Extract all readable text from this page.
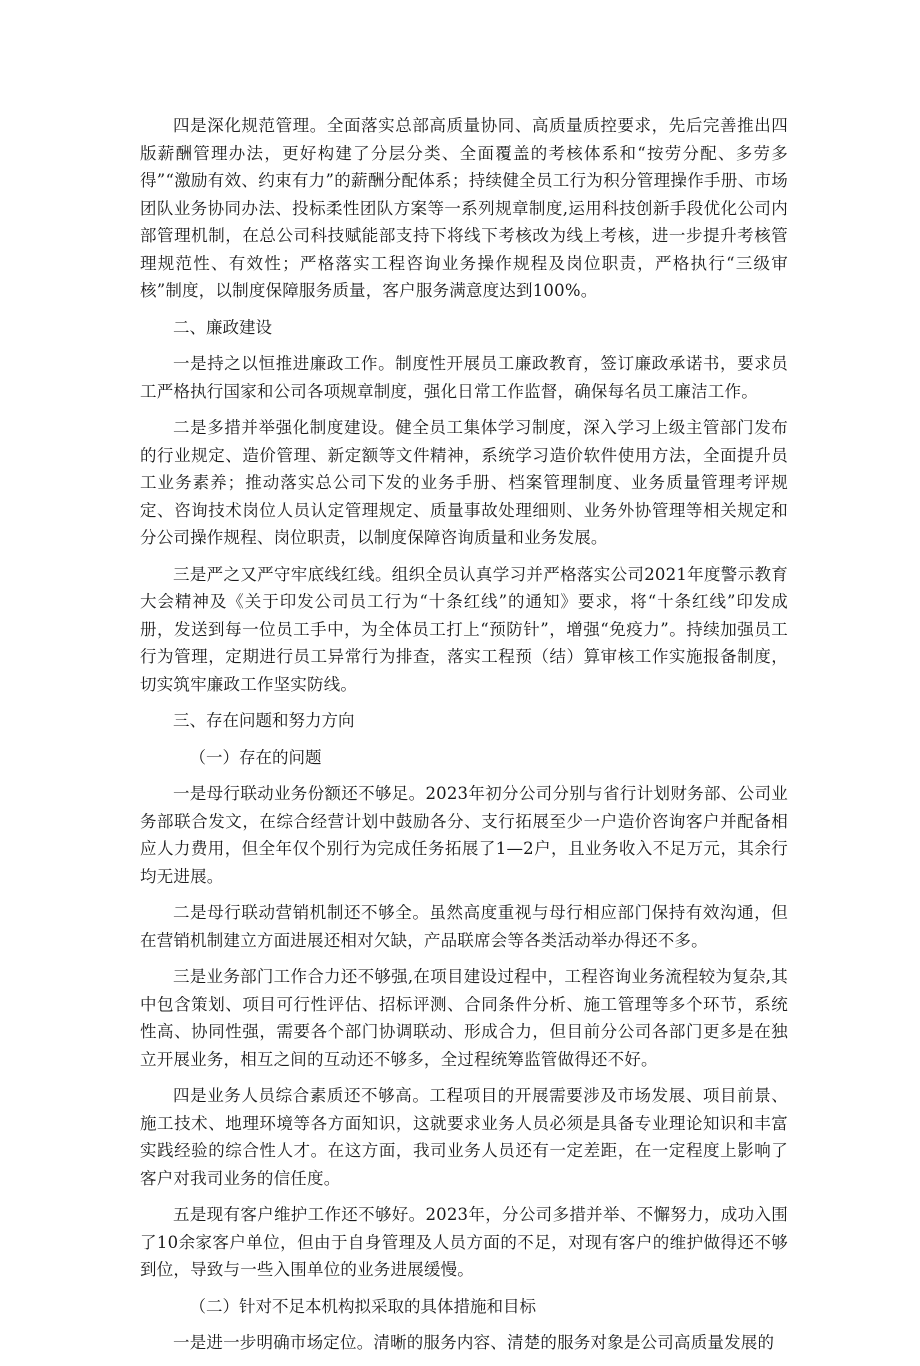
四是深化规范管理。全面落实总部高质量协同、高质量质控要求，先后完善推出四版薪酬管理办法，更好构建了分层分类、全面覆盖的考核体系和“按劳分配、多劳多得”“激励有效、约束有力”的薪酬分配体系；持续健全员工行为积分管理操作手册、市场团队业务协同办法、投标柔性团队方案等一系列规章制度,运用科技创新手段优化公司内部管理机制，在总公司科技赋能部支持下将线下考核改为线上考核，进一步提升考核管理规范性、有效性；严格落实工程咨询业务操作规程及岗位职责，严格执行“三级审核”制度，以制度保障服务质量，客户服务满意度达到100%。

二、廉政建设

一是持之以恒推进廉政工作。制度性开展员工廉政教育，签订廉政承诺书，要求员工严格执行国家和公司各项规章制度，强化日常工作监督，确保每名员工廉洁工作。

二是多措并举强化制度建设。健全员工集体学习制度，深入学习上级主管部门发布的行业规定、造价管理、新定额等文件精神，系统学习造价软件使用方法，全面提升员工业务素养；推动落实总公司下发的业务手册、档案管理制度、业务质量管理考评规定、咨询技术岗位人员认定管理规定、质量事故处理细则、业务外协管理等相关规定和分公司操作规程、岗位职责，以制度保障咨询质量和业务发展。

三是严之又严守牢底线红线。组织全员认真学习并严格落实公司2021年度警示教育大会精神及《关于印发公司员工行为“十条红线”的通知》要求，将“十条红线”印发成册，发送到每一位员工手中，为全体员工打上“预防针”，增强“免疫力”。持续加强员工行为管理，定期进行员工异常行为排查，落实工程预（结）算审核工作实施报备制度，切实筑牢廉政工作坚实防线。

三、存在问题和努力方向

（一）存在的问题

一是母行联动业务份额还不够足。2023年初分公司分别与省行计划财务部、公司业务部联合发文，在综合经营计划中鼓励各分、支行拓展至少一户造价咨询客户并配备相应人力费用，但全年仅个别行为完成任务拓展了1—2户，且业务收入不足万元，其余行均无进展。

二是母行联动营销机制还不够全。虽然高度重视与母行相应部门保持有效沟通，但在营销机制建立方面进展还相对欠缺，产品联席会等各类活动举办得还不多。

三是业务部门工作合力还不够强,在项目建设过程中，工程咨询业务流程较为复杂,其中包含策划、项目可行性评估、招标评测、合同条件分析、施工管理等多个环节，系统性高、协同性强，需要各个部门协调联动、形成合力，但目前分公司各部门更多是在独立开展业务，相互之间的互动还不够多，全过程统筹监管做得还不好。

四是业务人员综合素质还不够高。工程项目的开展需要涉及市场发展、项目前景、施工技术、地理环境等各方面知识，这就要求业务人员必须是具备专业理论知识和丰富实践经验的综合性人才。在这方面，我司业务人员还有一定差距，在一定程度上影响了客户对我司业务的信任度。

五是现有客户维护工作还不够好。2023年，分公司多措并举、不懈努力，成功入围了10余家客户单位，但由于自身管理及人员方面的不足，对现有客户的维护做得还不够到位，导致与一些入围单位的业务进展缓慢。

（二）针对不足本机构拟采取的具体措施和目标

一是进一步明确市场定位。清晰的服务内容、清楚的服务对象是公司高质量发展的
